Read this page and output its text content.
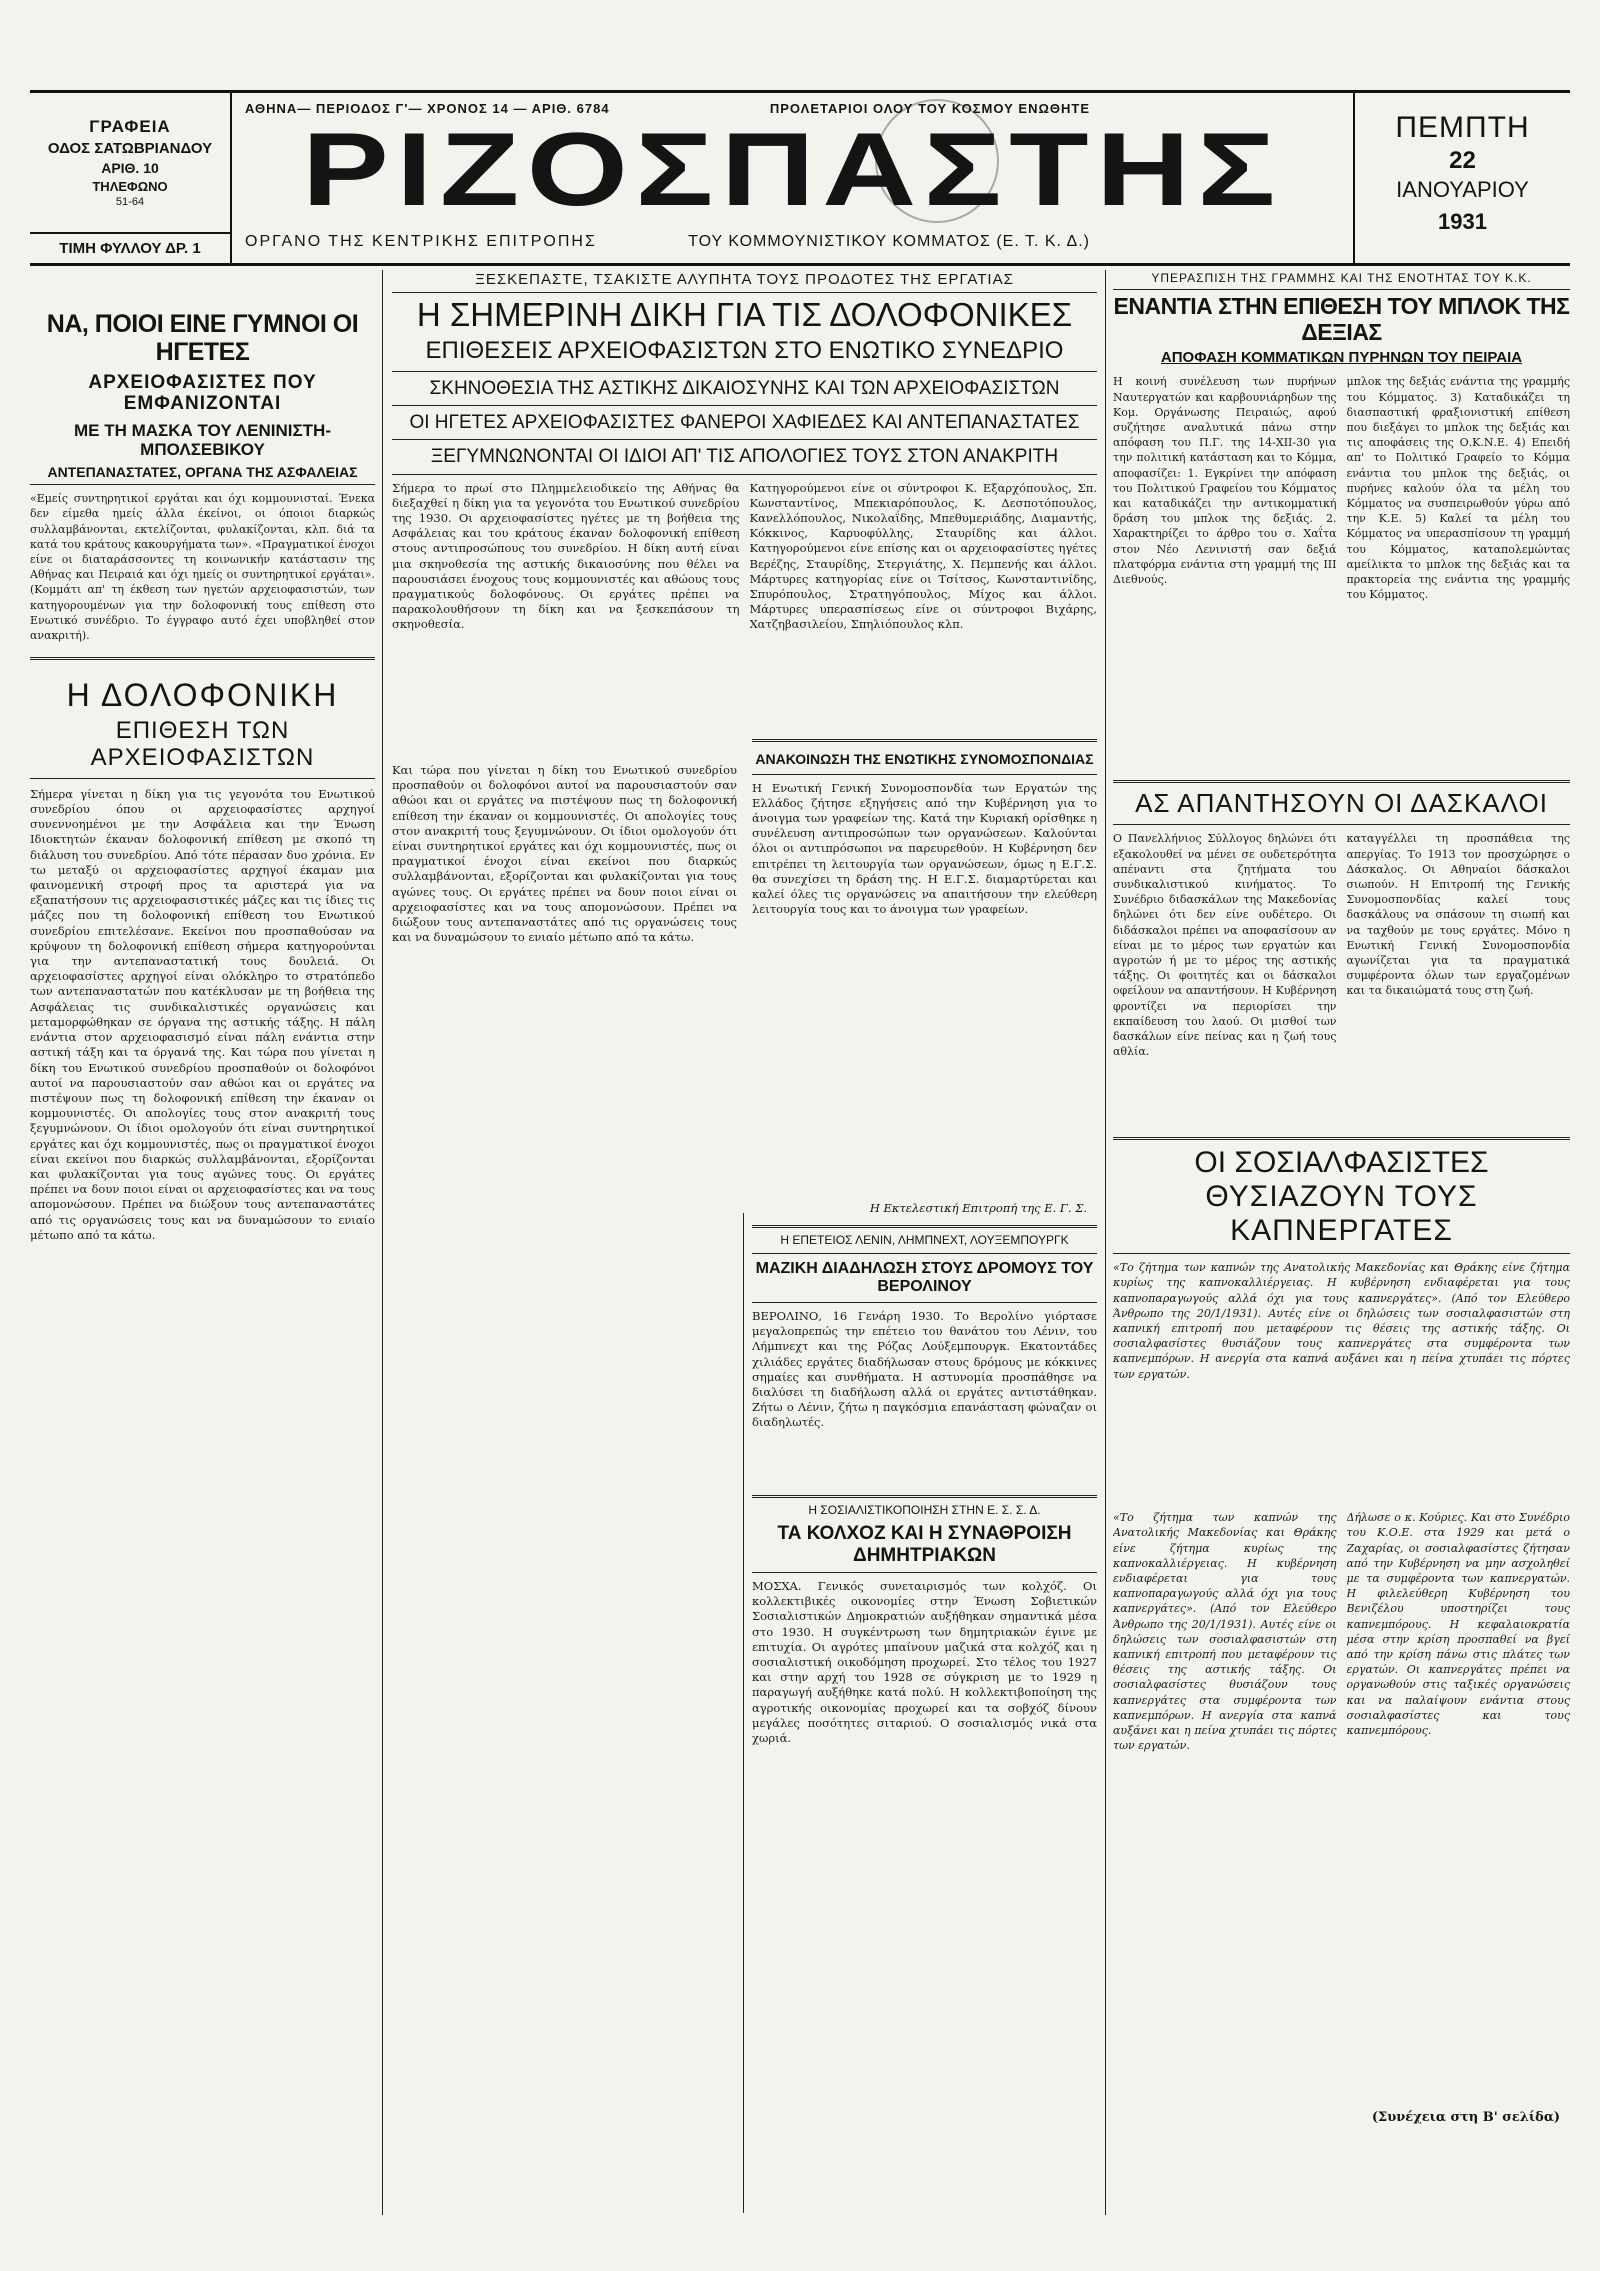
ΓΡΑΦΕΙΑ
ΟΔΟΣ ΣΑΤΩΒΡΙΑΝΔΟΥ
ΑΡΙΘ. 10
ΤΗΛΕΦΩΝΟ
51-64
ΤΙΜΗ ΦΥΛΛΟΥ ΔΡ. 1
ΑΘΗΝΑ— ΠΕΡΙΟΔΟΣ Γ'— ΧΡΟΝΟΣ 14 — ΑΡΙΘ. 6784	ΠΡΟΛΕΤΑΡΙΟΙ ΟΛΟΥ ΤΟΥ ΚΟΣΜΟΥ ΕΝΩΘΗΤΕ
ΡΙΖΟΣΠΑΣΤΗΣ
ΟΡΓΑΝΟ ΤΗΣ ΚΕΝΤΡΙΚΗΣ ΕΠΙΤΡΟΠΗΣ	ΤΟΥ ΚΟΜΜΟΥΝΙΣΤΙΚΟΥ ΚΟΜΜΑΤΟΣ (Ε. Τ. Κ. Δ.)
ΠΕΜΠΤΗ
22
ΙΑΝΟΥΑΡΙΟΥ
1931
ΝΑ, ΠΟΙΟΙ ΕΙΝΕ ΓΥΜΝΟΙ ΟΙ ΗΓΕΤΕΣ
ΑΡΧΕΙΟΦΑΣΙΣΤΕΣ ΠΟΥ ΕΜΦΑΝΙΖΟΝΤΑΙ
ΜΕ ΤΗ ΜΑΣΚΑ ΤΟΥ ΛΕΝΙΝΙΣΤΗ-ΜΠΟΛΣΕΒΙΚΟΥ
ΑΝΤΕΠΑΝΑΣΤΑΤΕΣ, ΟΡΓΑΝΑ ΤΗΣ ΑΣΦΑΛΕΙΑΣ

«Εμείς συντηρητικοί εργάται και όχι κομμουνισταί. Ένεκα δεν είμεθα ημείς άλλα έκείνοι, οι όποιοι διαρκώς συλλαμβάνονται, εκτελίζονται, φυλακίζονται, κλπ. διά τα κατά του κράτους κακουργήματα των». «Πραγματικοί ένοχοι είνε οι διαταράσσοντες τη κοινωνικήν κατάστασιν της Αθήνας και Πειραιά και όχι ημείς οι συντηρητικοί εργάται». (Κομμάτι απ' τη έκθεση των ηγετών αρχειοφασιστών, των κατηγορουμένων για την δολοφονική τους επίθεση στο Ενωτικό συνέδριο. Το έγγραφο αυτό έχει υποβληθεί στον ανακριτή).

Η ΔΟΛΟΦΟΝΙΚΗ
ΕΠΙΘΕΣΗ ΤΩΝ ΑΡΧΕΙΟΦΑΣΙΣΤΩΝ

Σήμερα γίνεται η δίκη για τις γεγονότα του Ενωτικού συνεδρίου όπου οι αρχειοφασίστες αρχηγοί συνεννοημένοι με την Ασφάλεια και την Ένωση Ιδιοκτητών έκαναν δολοφονική επίθεση με σκοπό τη διάλυση του συνεδρίου. Από τότε πέρασαν δυο χρόνια. Εν τω μεταξύ οι αρχειοφασίστες αρχηγοί έκαμαν μια φαινομενική στροφή προς τα αριστερά για να εξαπατήσουν τις αρχειοφασιστικές μάζες και τις ίδιες τις μάζες που τη δολοφονική επίθεση του Ενωτικού συνεδρίου επιτελέσανε. Εκείνοι που προσπαθούσαν να κρύψουν τη δολοφονική επίθεση σήμερα κατηγορούνται για την αντεπαναστατική τους δουλειά. Οι αρχειοφασίστες αρχηγοί είναι ολόκληρο το στρατόπεδο των αντεπαναστατών που κατέκλυσαν με τη βοήθεια της Ασφάλειας τις συνδικαλιστικές οργανώσεις και μεταμορφώθηκαν σε όργανα της αστικής τάξης. Η πάλη ενάντια στον αρχειοφασισμό είναι πάλη ενάντια στην αστική τάξη και τα όργανά της. Και τώρα που γίνεται η δίκη του Ενωτικού συνεδρίου προσπαθούν οι δολοφόνοι αυτοί να παρουσιαστούν σαν αθώοι και οι εργάτες να πιστέψουν πως τη δολοφονική επίθεση την έκαναν οι κομμουνιστές. Οι απολογίες τους στον ανακριτή τους ξεγυμνώνουν. Οι ίδιοι ομολογούν ότι είναι συντηρητικοί εργάτες και όχι κομμουνιστές, πως οι πραγματικοί ένοχοι είναι εκείνοι που διαρκώς συλλαμβάνονται, εξορίζονται και φυλακίζονται για τους αγώνες τους. Οι εργάτες πρέπει να δουν ποιοι είναι οι αρχειοφασίστες και να τους απομονώσουν. Πρέπει να διώξουν τους αντεπαναστάτες από τις οργανώσεις τους και να δυναμώσουν το ενιαίο μέτωπο από τα κάτω.

Και τώρα που γίνεται η δίκη του Ενωτικού συνεδρίου προσπαθούν οι δολοφόνοι αυτοί να παρουσιαστούν σαν αθώοι και οι εργάτες να πιστέψουν πως τη δολοφονική επίθεση την έκαναν οι κομμουνιστές. Οι απολογίες τους στον ανακριτή τους ξεγυμνώνουν. Οι ίδιοι ομολογούν ότι είναι συντηρητικοί εργάτες και όχι κομμουνιστές, πως οι πραγματικοί ένοχοι είναι εκείνοι που διαρκώς συλλαμβάνονται, εξορίζονται και φυλακίζονται για τους αγώνες τους. Οι εργάτες πρέπει να δουν ποιοι είναι οι αρχειοφασίστες και να τους απομονώσουν. Πρέπει να διώξουν τους αντεπαναστάτες από τις οργανώσεις τους και να δυναμώσουν το ενιαίο μέτωπο από τα κάτω.

ΞΕΣΚΕΠΑΣΤΕ, ΤΣΑΚΙΣΤΕ ΑΛΥΠΗΤΑ ΤΟΥΣ ΠΡΟΔΟΤΕΣ ΤΗΣ ΕΡΓΑΤΙΑΣ
Η ΣΗΜΕΡΙΝΗ ΔΙΚΗ ΓΙΑ ΤΙΣ ΔΟΛΟΦΟΝΙΚΕΣ
ΕΠΙΘΕΣΕΙΣ ΑΡΧΕΙΟΦΑΣΙΣΤΩΝ ΣΤΟ ΕΝΩΤΙΚΟ ΣΥΝΕΔΡΙΟ
ΣΚΗΝΟΘΕΣΙΑ ΤΗΣ ΑΣΤΙΚΗΣ ΔΙΚΑΙΟΣΥΝΗΣ ΚΑΙ ΤΩΝ ΑΡΧΕΙΟΦΑΣΙΣΤΩΝ
ΟΙ ΗΓΕΤΕΣ ΑΡΧΕΙΟΦΑΣΙΣΤΕΣ ΦΑΝΕΡΟΙ ΧΑΦΙΕΔΕΣ ΚΑΙ ΑΝΤΕΠΑΝΑΣΤΑΤΕΣ
ΞΕΓΥΜΝΩΝΟΝΤΑΙ ΟΙ ΙΔΙΟΙ ΑΠ' ΤΙΣ ΑΠΟΛΟΓΙΕΣ ΤΟΥΣ ΣΤΟΝ ΑΝΑΚΡΙΤΗ

Σήμερα το πρωί στο Πλημμελειοδικείο της Αθήνας θα διεξαχθεί η δίκη για τα γεγονότα του Ενωτικού συνεδρίου της 1930. Οι αρχειοφασίστες ηγέτες με τη βοήθεια της Ασφάλειας και του κράτους έκαναν δολοφονική επίθεση στους αντιπροσώπους του συνεδρίου. Η δίκη αυτή είναι μια σκηνοθεσία της αστικής δικαιοσύνης που θέλει να παρουσιάσει ένοχους τους κομμουνιστές και αθώους τους πραγματικούς δολοφόνους. Οι εργάτες πρέπει να παρακολουθήσουν τη δίκη και να ξεσκεπάσουν τη σκηνοθεσία.

Κατηγορούμενοι είνε οι σύντροφοι Κ. Εξαρχόπουλος, Σπ. Κωνσταντίνος, Μπεκιαρόπουλος, Κ. Δεσποτόπουλος, Κανελλόπουλος, Νικολαΐδης, Μπεθυμεριάδης, Διαμαντής, Κόκκινος, Καρυοφύλλης, Σταυρίδης και άλλοι. Κατηγορούμενοι είνε επίσης και οι αρχειοφασίστες ηγέτες Βερέζης, Σταυρίδης, Στεργιάτης, Χ. Πεμπενής και άλλοι. Μάρτυρες κατηγορίας είνε οι Τσίτσος, Κωνσταντινίδης, Σπυρόπουλος, Στρατηγόπουλος, Μίχος και άλλοι. Μάρτυρες υπερασπίσεως είνε οι σύντροφοι Βιχάρης, Χατζηβασιλείου, Σπηλιόπουλος κλπ.

ΑΝΑΚΟΙΝΩΣΗ ΤΗΣ ΕΝΩΤΙΚΗΣ ΣΥΝΟΜΟΣΠΟΝΔΙΑΣ

Η Ενωτική Γενική Συνομοσπονδία των Εργατών της Ελλάδος ζήτησε εξηγήσεις από την Κυβέρνηση για το άνοιγμα των γραφείων της. Κατά την Κυριακή ορίσθηκε η συνέλευση αντιπροσώπων των οργανώσεων. Καλούνται όλοι οι αντιπρόσωποι να παρευρεθούν. Η Κυβέρνηση δεν επιτρέπει τη λειτουργία των οργανώσεων, όμως η Ε.Γ.Σ. θα συνεχίσει τη δράση της. Η Ε.Γ.Σ. διαμαρτύρεται και καλεί όλες τις οργανώσεις να απαιτήσουν την ελεύθερη λειτουργία τους και το άνοιγμα των γραφείων.

Η Εκτελεστική Επιτροπή της Ε. Γ. Σ.
Η ΕΠΕΤΕΙΟΣ ΛΕΝΙΝ, ΛΗΜΠΝΕΧΤ, ΛΟΥΞΕΜΠΟΥΡΓΚ
ΜΑΖΙΚΗ ΔΙΑΔΗΛΩΣΗ ΣΤΟΥΣ ΔΡΟΜΟΥΣ ΤΟΥ ΒΕΡΟΛΙΝΟΥ

ΒΕΡΟΛΙΝΟ, 16 Γενάρη 1930. Το Βερολίνο γιόρτασε μεγαλοπρεπώς την επέτειο του θανάτου του Λένιν, του Λήμπνεχτ και της Ρόζας Λούξεμπουργκ. Εκατοντάδες χιλιάδες εργάτες διαδήλωσαν στους δρόμους με κόκκινες σημαίες και συνθήματα. Η αστυνομία προσπάθησε να διαλύσει τη διαδήλωση αλλά οι εργάτες αντιστάθηκαν. Ζήτω ο Λένιν, ζήτω η παγκόσμια επανάσταση φώναζαν οι διαδηλωτές.

Η ΣΟΣΙΑΛΙΣΤΙΚΟΠΟΙΗΣΗ ΣΤΗΝ Ε. Σ. Σ. Δ.
ΤΑ ΚΟΛΧΟΖ ΚΑΙ Η ΣΥΝΑΘΡΟΙΣΗ ΔΗΜΗΤΡΙΑΚΩΝ

ΜΟΣΧΑ. Γενικός συνεταιρισμός των κολχόζ. Οι κολλεκτιβικές οικονομίες στην Ένωση Σοβιετικών Σοσιαλιστικών Δημοκρατιών αυξήθηκαν σημαντικά μέσα στο 1930. Η συγκέντρωση των δημητριακών έγινε με επιτυχία. Οι αγρότες μπαίνουν μαζικά στα κολχόζ και η σοσιαλιστική οικοδόμηση προχωρεί. Στο τέλος του 1927 και στην αρχή του 1928 σε σύγκριση με το 1929 η παραγωγή αυξήθηκε κατά πολύ. Η κολλεκτιβοποίηση της αγροτικής οικονομίας προχωρεί και τα σοβχόζ δίνουν μεγάλες ποσότητες σιταριού. Ο σοσιαλισμός νικά στα χωριά.

ΥΠΕΡΑΣΠΙΣΗ ΤΗΣ ΓΡΑΜΜΗΣ ΚΑΙ ΤΗΣ ΕΝΟΤΗΤΑΣ ΤΟΥ Κ.Κ.
ΕΝΑΝΤΙΑ ΣΤΗΝ ΕΠΙΘΕΣΗ ΤΟΥ ΜΠΛΟΚ ΤΗΣ ΔΕΞΙΑΣ
ΑΠΟΦΑΣΗ ΚΟΜΜΑΤΙΚΩΝ ΠΥΡΗΝΩΝ ΤΟΥ ΠΕΙΡΑΙΑ

Η κοινή συνέλευση των πυρήνων Ναυτεργατών και καρβουνιάρηδων της Κομ. Οργάνωσης Πειραιώς, αφού συζήτησε αναλυτικά πάνω στην απόφαση του Π.Γ. της 14-ΧΙΙ-30 για την πολιτική κατάσταση και το Κόμμα, αποφασίζει: 1. Εγκρίνει την απόφαση του Πολιτικού Γραφείου του Κόμματος και καταδικάζει την αντικομματική δράση του μπλοκ της δεξιάς. 2. Χαρακτηρίζει το άρθρο του σ. Χαΐτα στον Νέο Λενινιστή σαν δεξιά πλατφόρμα ενάντια στη γραμμή της ΙΙΙ Διεθνούς.

μπλοκ της δεξιάς ενάντια της γραμμής του Κόμματος. 3) Καταδικάζει τη διασπαστική φραξιονιστική επίθεση που διεξάγει το μπλοκ της δεξιάς και τις αποφάσεις της Ο.Κ.Ν.Ε. 4) Επειδή απ' το Πολιτικό Γραφείο το Κόμμα ενάντια του μπλοκ της δεξιάς, οι πυρήνες καλούν όλα τα μέλη του Κόμματος να συσπειρωθούν γύρω από την Κ.Ε. 5) Καλεί τα μέλη του Κόμματος να υπερασπίσουν τη γραμμή του Κόμματος, καταπολεμώντας αμείλικτα το μπλοκ της δεξιάς και τα πρακτορεία της ενάντια της γραμμής του Κόμματος.

ΑΣ ΑΠΑΝΤΗΣΟΥΝ ΟΙ ΔΑΣΚΑΛΟΙ

Ο Πανελλήνιος Σύλλογος δηλώνει ότι εξακολουθεί να μένει σε ουδετερότητα απέναντι στα ζητήματα του συνδικαλιστικού κινήματος. Το Συνέδριο διδασκάλων της Μακεδονίας δηλώνει ότι δεν είνε ουδέτερο. Οι διδάσκαλοι πρέπει να αποφασίσουν αν είναι με το μέρος των εργατών και αγροτών ή με το μέρος της αστικής τάξης. Οι φοιτητές και οι δάσκαλοι οφείλουν να απαντήσουν. Η Κυβέρνηση φροντίζει να περιορίσει την εκπαίδευση του λαού. Οι μισθοί των δασκάλων είνε πείνας και η ζωή τους αθλία.

καταγγέλλει τη προσπάθεια της απεργίας. Το 1913 τον προσχώρησε ο Δάσκαλος. Οι Αθηναίοι δάσκαλοι σιωπούν. Η Επιτροπή της Γενικής Συνομοσπονδίας καλεί τους δασκάλους να σπάσουν τη σιωπή και να ταχθούν με τους εργάτες. Μόνο η Ενωτική Γενική Συνομοσπονδία αγωνίζεται για τα πραγματικά συμφέροντα όλων των εργαζομένων και τα δικαιώματά τους στη ζωή.

ΟΙ ΣΟΣΙΑΛΦΑΣΙΣΤΕΣ
ΘΥΣΙΑΖΟΥΝ ΤΟΥΣ ΚΑΠΝΕΡΓΑΤΕΣ

«Το ζήτημα των καπνών της Ανατολικής Μακεδονίας και Θράκης είνε ζήτημα κυρίως της καπνοκαλλιέργειας. Η κυβέρνηση ενδιαφέρεται για τους καπνοπαραγωγούς αλλά όχι για τους καπνεργάτες». (Από τον Ελεύθερο Άνθρωπο της 20/1/1931). Αυτές είνε οι δηλώσεις των σοσιαλφασιστών στη καπνική επιτροπή που μεταφέρουν τις θέσεις της αστικής τάξης. Οι σοσιαλφασίστες θυσιάζουν τους καπνεργάτες στα συμφέροντα των καπνεμπόρων. Η ανεργία στα καπνά αυξάνει και η πείνα χτυπάει τις πόρτες των εργατών.

«Το ζήτημα των καπνών της Ανατολικής Μακεδονίας και Θράκης είνε ζήτημα κυρίως της καπνοκαλλιέργειας. Η κυβέρνηση ενδιαφέρεται για τους καπνοπαραγωγούς αλλά όχι για τους καπνεργάτες». (Από τον Ελεύθερο Άνθρωπο της 20/1/1931). Αυτές είνε οι δηλώσεις των σοσιαλφασιστών στη καπνική επιτροπή που μεταφέρουν τις θέσεις της αστικής τάξης. Οι σοσιαλφασίστες θυσιάζουν τους καπνεργάτες στα συμφέροντα των καπνεμπόρων. Η ανεργία στα καπνά αυξάνει και η πείνα χτυπάει τις πόρτες των εργατών.

Δήλωσε ο κ. Κούριες. Και στο Συνέδριο του Κ.Ο.Ε. στα 1929 και μετά ο Ζαχαρίας, οι σοσιαλφασίστες ζήτησαν από την Κυβέρνηση να μην ασχοληθεί με τα συμφέροντα των καπνεργατών. Η φιλελεύθερη Κυβέρνηση του Βενιζέλου υποστηρίζει τους καπνεμπόρους. Η κεφαλαιοκρατία μέσα στην κρίση προσπαθεί να βγεί από την κρίση πάνω στις πλάτες των εργατών. Οι καπνεργάτες πρέπει να οργανωθούν στις ταξικές οργανώσεις και να παλαίψουν ενάντια στους σοσιαλφασίστες και τους καπνεμπόρους.

(Συνέχεια στη Β' σελίδα)
